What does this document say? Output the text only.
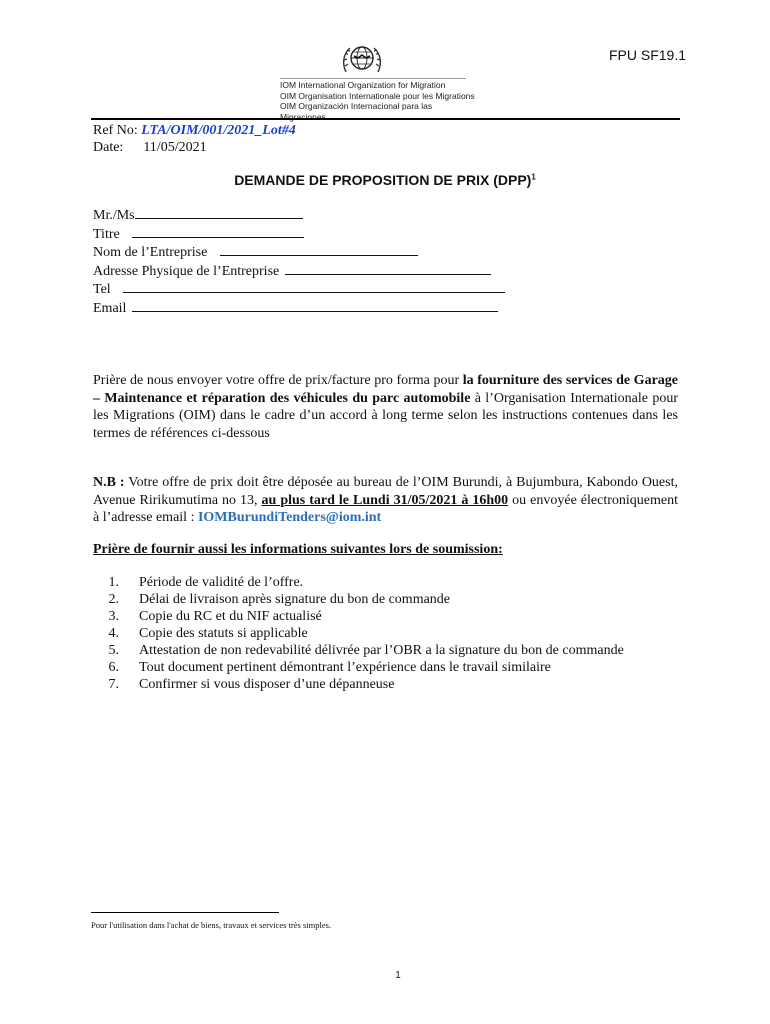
FPU SF19.1
IOM International Organization for Migration
OIM Organisation Internationale pour les Migrations
OIM Organización Internacional para las Migraciones
Ref No: LTA/OIM/001/2021_Lot#4
Date: 11/05/2021
DEMANDE DE PROPOSITION DE PRIX (DPP)$^1$
Mr./Ms
Titre
Nom de l’Entreprise
Adresse Physique de l’Entreprise
Tel
Email
Prière de nous envoyer votre offre de prix/facture pro forma pour la fourniture des services de Garage – Maintenance et réparation des véhicules du parc automobile à l’Organisation Internationale pour les Migrations (OIM) dans le cadre d’un accord à long terme selon les instructions contenues dans les termes de références ci-dessous
N.B : Votre offre de prix doit être déposée au bureau de l’OIM Burundi, à Bujumbura, Kabondo Ouest, Avenue Ririkumutima no 13, au plus tard le Lundi 31/05/2021 à 16h00 ou envoyée électroniquement à l’adresse email : IOMBurundiTenders@iom.int
Prière de fournir aussi les informations suivantes lors de soumission:
1. Période de validité de l’offre.
2. Délai de livraison après signature du bon de commande
3. Copie du RC et du NIF actualisé
4. Copie des statuts si applicable
5. Attestation de non redevabilité délivrée par l’OBR a la signature du bon de commande
6. Tout document pertinent démontrant l’expérience dans le travail similaire
7. Confirmer si vous disposer d’une dépanneuse
Pour l'utilisation dans l'achat de biens, travaux et services très simples.
1
